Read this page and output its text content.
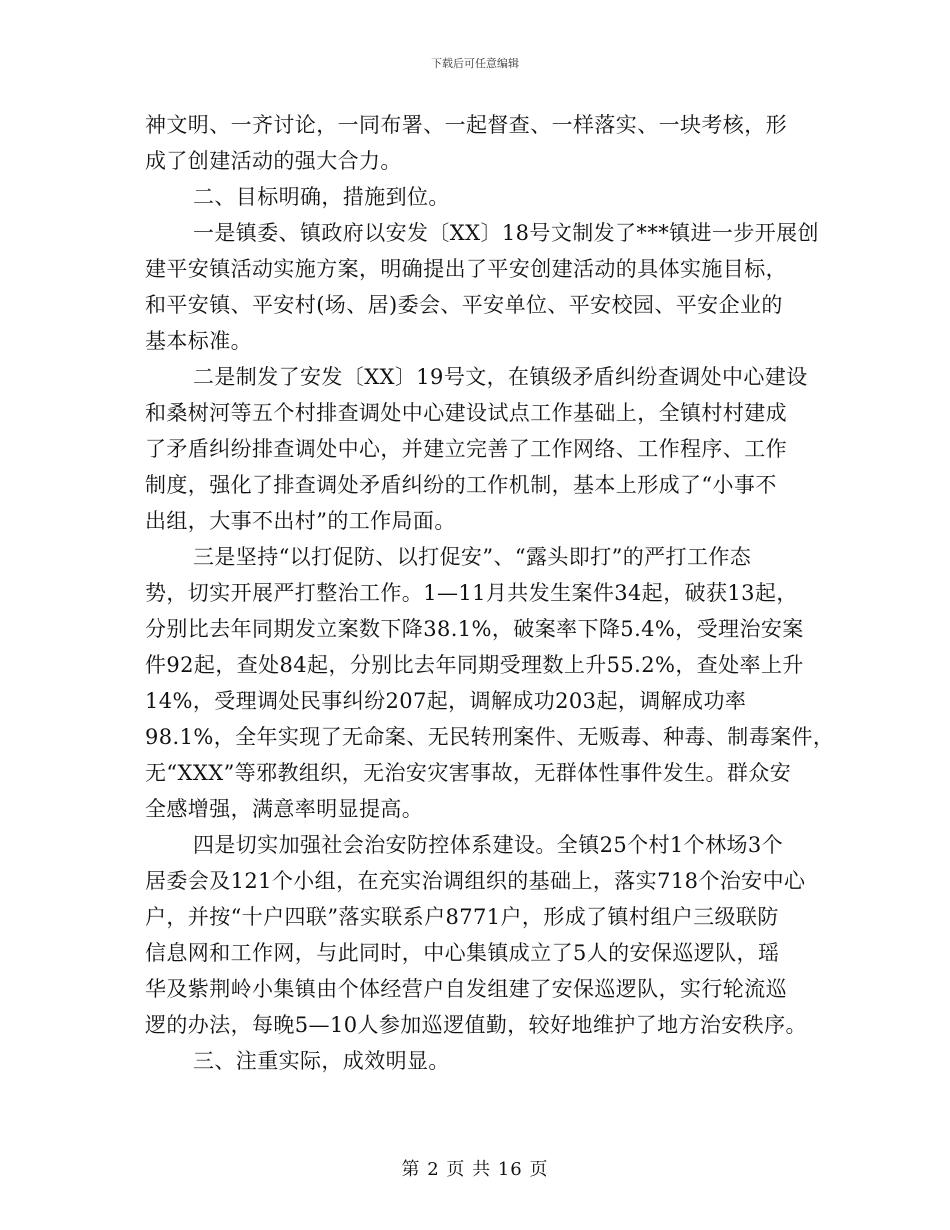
下载后可任意编辑
神文明、一齐讨论，一同布署、一起督查、一样落实、一块考核，形
成了创建活动的强大合力。
二、目标明确，措施到位。
一是镇委、镇政府以安发〔XX〕18号文制发了***镇进一步开展创
建平安镇活动实施方案，明确提出了平安创建活动的具体实施目标，
和平安镇、平安村(场、居)委会、平安单位、平安校园、平安企业的
基本标准。
二是制发了安发〔XX〕19号文，在镇级矛盾纠纷查调处中心建设
和桑树河等五个村排查调处中心建设试点工作基础上，全镇村村建成
了矛盾纠纷排查调处中心，并建立完善了工作网络、工作程序、工作
制度，强化了排查调处矛盾纠纷的工作机制，基本上形成了“小事不
出组，大事不出村”的工作局面。
三是坚持“以打促防、以打促安”、“露头即打”的严打工作态
势，切实开展严打整治工作。1—11月共发生案件34起，破获13起，
分别比去年同期发立案数下降38.1%，破案率下降5.4%，受理治安案
件92起，查处84起，分别比去年同期受理数上升55.2%，查处率上升
14%，受理调处民事纠纷207起，调解成功203起，调解成功率
98.1%，全年实现了无命案、无民转刑案件、无贩毒、种毒、制毒案件，
无“XXX”等邪教组织，无治安灾害事故，无群体性事件发生。群众安
全感增强，满意率明显提高。
四是切实加强社会治安防控体系建设。全镇25个村1个林场3个
居委会及121个小组，在充实治调组织的基础上，落实718个治安中心
户，并按“十户四联”落实联系户8771户，形成了镇村组户三级联防
信息网和工作网，与此同时，中心集镇成立了5人的安保巡逻队，瑶
华及紫荆岭小集镇由个体经营户自发组建了安保巡逻队，实行轮流巡
逻的办法，每晚5—10人参加巡逻值勤，较好地维护了地方治安秩序。
三、注重实际，成效明显。
第 2 页 共 16 页
